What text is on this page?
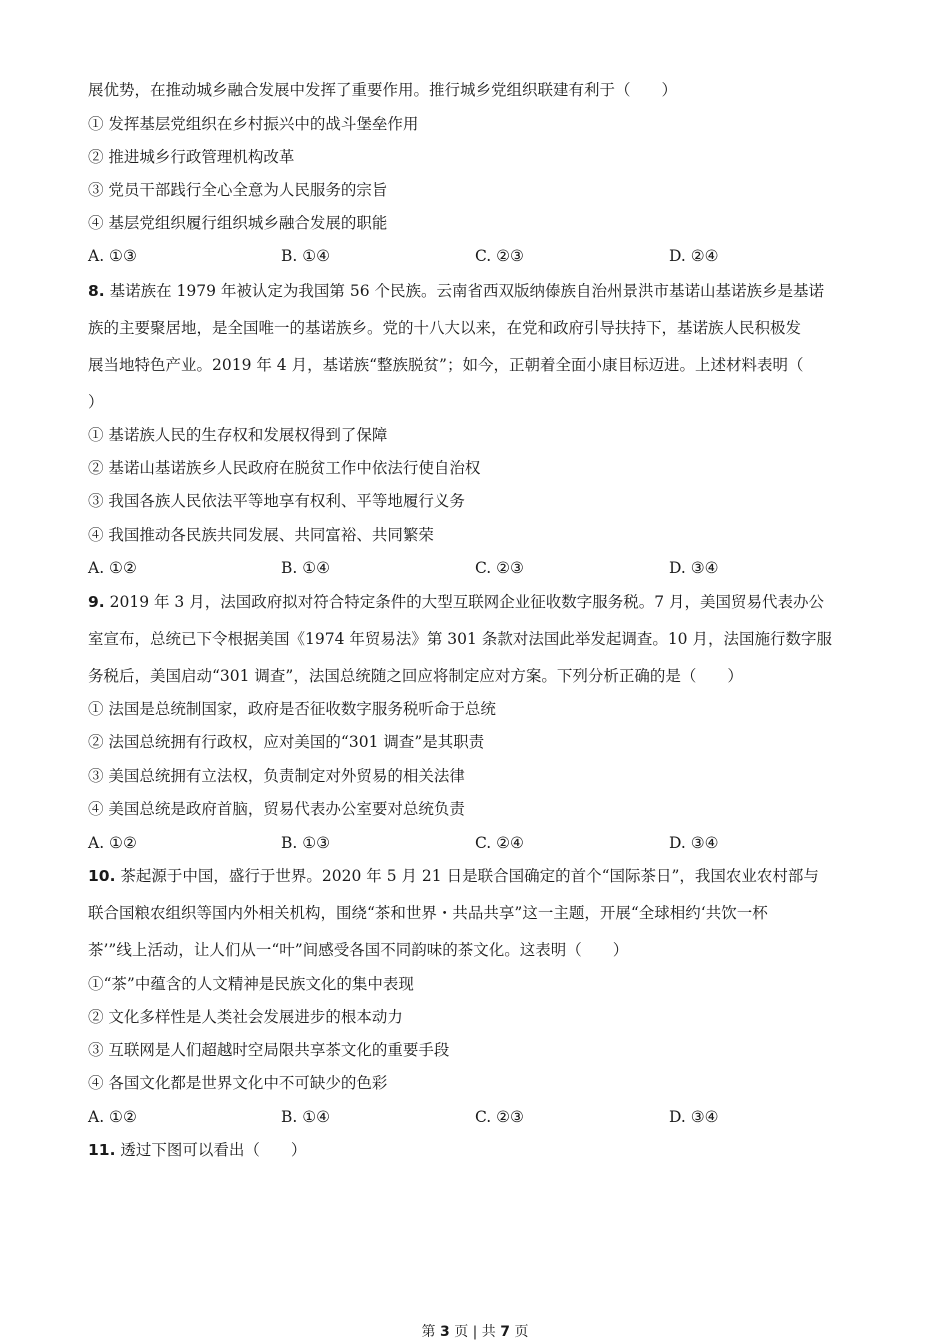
展优势，在推动城乡融合发展中发挥了重要作用。推行城乡党组织联建有利于（　　）
① 发挥基层党组织在乡村振兴中的战斗堡垒作用
② 推进城乡行政管理机构改革
③ 党员干部践行全心全意为人民服务的宗旨
④ 基层党组织履行组织城乡融合发展的职能
A. ①③	B. ①④	C. ②③	D. ②④
8. 基诺族在 1979 年被认定为我国第 56 个民族。云南省西双版纳傣族自治州景洪市基诺山基诺族乡是基诺
族的主要聚居地，是全国唯一的基诺族乡。党的十八大以来，在党和政府引导扶持下，基诺族人民积极发
展当地特色产业。2019 年 4 月，基诺族“整族脱贫”；如今，正朝着全面小康目标迈进。上述材料表明（
）
① 基诺族人民的生存权和发展权得到了保障
② 基诺山基诺族乡人民政府在脱贫工作中依法行使自治权
③ 我国各族人民依法平等地享有权利、平等地履行义务
④ 我国推动各民族共同发展、共同富裕、共同繁荣
A. ①②	B. ①④	C. ②③	D. ③④
9. 2019 年 3 月，法国政府拟对符合特定条件的大型互联网企业征收数字服务税。7 月，美国贸易代表办公
室宣布，总统已下令根据美国《1974 年贸易法》第 301 条款对法国此举发起调查。10 月，法国施行数字服
务税后，美国启动“301 调查”，法国总统随之回应将制定应对方案。下列分析正确的是（　　）
① 法国是总统制国家，政府是否征收数字服务税听命于总统
② 法国总统拥有行政权，应对美国的“301 调查”是其职责
③ 美国总统拥有立法权，负责制定对外贸易的相关法律
④ 美国总统是政府首脑，贸易代表办公室要对总统负责
A. ①②	B. ①③	C. ②④	D. ③④
10. 茶起源于中国，盛行于世界。2020 年 5 月 21 日是联合国确定的首个“国际茶日”，我国农业农村部与
联合国粮农组织等国内外相关机构，围绕“茶和世界・共品共享”这一主题，开展“全球相约‘共饮一杯
茶’”线上活动，让人们从一“叶”间感受各国不同韵味的茶文化。这表明（　　）
①“茶”中蕴含的人文精神是民族文化的集中表现
② 文化多样性是人类社会发展进步的根本动力
③ 互联网是人们超越时空局限共享茶文化的重要手段
④ 各国文化都是世界文化中不可缺少的色彩
A. ①②	B. ①④	C. ②③	D. ③④
11. 透过下图可以看出（　　）
第 3 页 | 共 7 页
